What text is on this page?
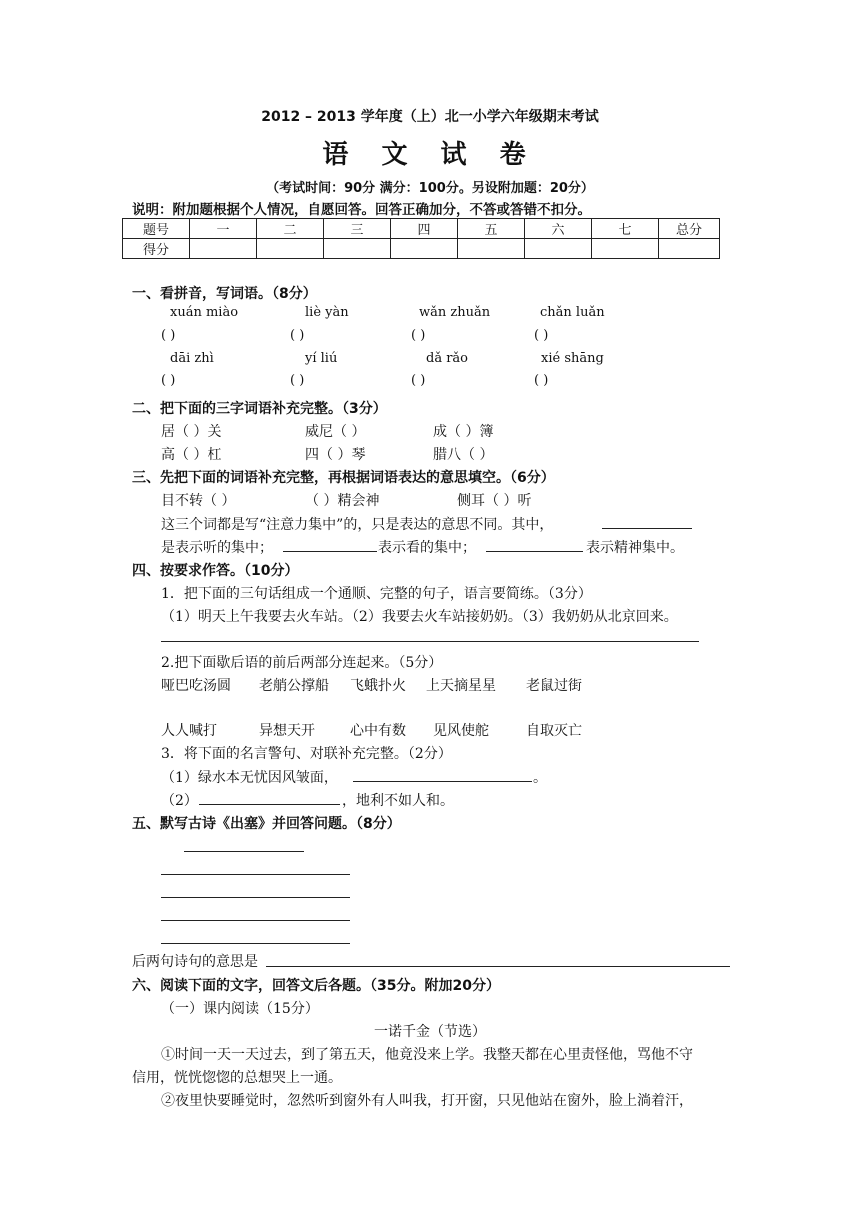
2012 – 2013 学年度（上）北一小学六年级期末考试
语 文 试 卷
（考试时间：90分 满分：100分。另设附加题：20分）
说明：附加题根据个人情况，自愿回答。回答正确加分，不答或答错不扣分。
题号	一	二	三	四	五	六	七	总分
得分								
一、看拼音，写词语。（8分）
xuán miào	liè yàn	wǎn zhuǎn	chǎn luǎn
( )	( )	( )	( )
dāi zhì	yí liú	dǎ rǎo	xié shāng
( )	( )	( )	( )
二、把下面的三字词语补充完整。（3分）
居（ ）关	威尼（ ）	成（ ）簿
高（ ）杠	四（ ）琴	腊八（ ）
三、先把下面的词语补充完整，再根据词语表达的意思填空。（6分）
目不转（ ）	（ ）精会神	侧耳（ ）听
这三个词都是写“注意力集中”的，只是表达的意思不同。其中，
是表示听的集中；	表示看的集中；	表示精神集中。
四、按要求作答。（10分）
1．把下面的三句话组成一个通顺、完整的句子，语言要简练。（3分）
（1）明天上午我要去火车站。（2）我要去火车站接奶奶。（3）我奶奶从北京回来。
2.把下面歇后语的前后两部分连起来。（5分）
哑巴吃汤圆 老艄公撑船 飞蛾扑火 上天摘星星 老鼠过街
人人喊打	异想天开	心中有数 见风使舵	自取灭亡
3．将下面的名言警句、对联补充完整。（2分）
（1）绿水本无忧因风皱面，	。
（2）	，地利不如人和。
五、默写古诗《出塞》并回答问题。（8分）
后两句诗句的意思是
六、阅读下面的文字，回答文后各题。（35分。附加20分）
（一）课内阅读（15分）
一诺千金（节选）
①时间一天一天过去，到了第五天，他竟没来上学。我整天都在心里责怪他，骂他不守
信用，恍恍惚惚的总想哭上一通。
②夜里快要睡觉时，忽然听到窗外有人叫我，打开窗，只见他站在窗外，脸上淌着汗，
